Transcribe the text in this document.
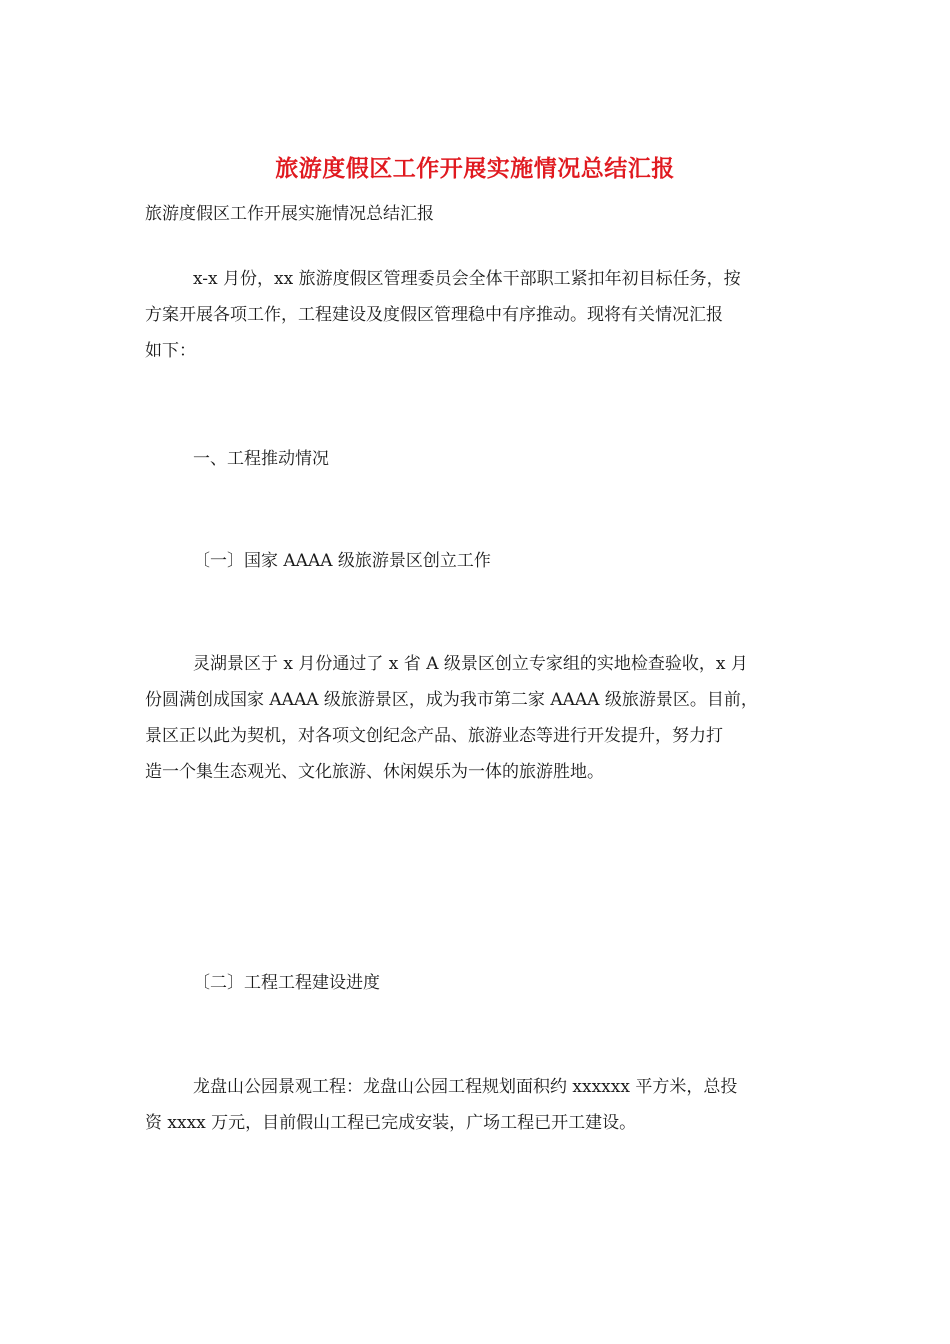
旅游度假区工作开展实施情况总结汇报

旅游度假区工作开展实施情况总结汇报

x-x 月份，xx 旅游度假区管理委员会全体干部职工紧扣年初目标任务，按
方案开展各项工作，工程建设及度假区管理稳中有序推动。现将有关情况汇报
如下：
一、工程推动情况
〔一〕国家 AAAA 级旅游景区创立工作
灵湖景区于 x 月份通过了 x 省 A 级景区创立专家组的实地检查验收，x 月
份圆满创成国家 AAAA 级旅游景区，成为我市第二家 AAAA 级旅游景区。目前，
景区正以此为契机，对各项文创纪念产品、旅游业态等进行开发提升，努力打
造一个集生态观光、文化旅游、休闲娱乐为一体的旅游胜地。
〔二〕工程工程建设进度
龙盘山公园景观工程：龙盘山公园工程规划面积约 xxxxxx 平方米，总投
资 xxxx 万元，目前假山工程已完成安装，广场工程已开工建设。
